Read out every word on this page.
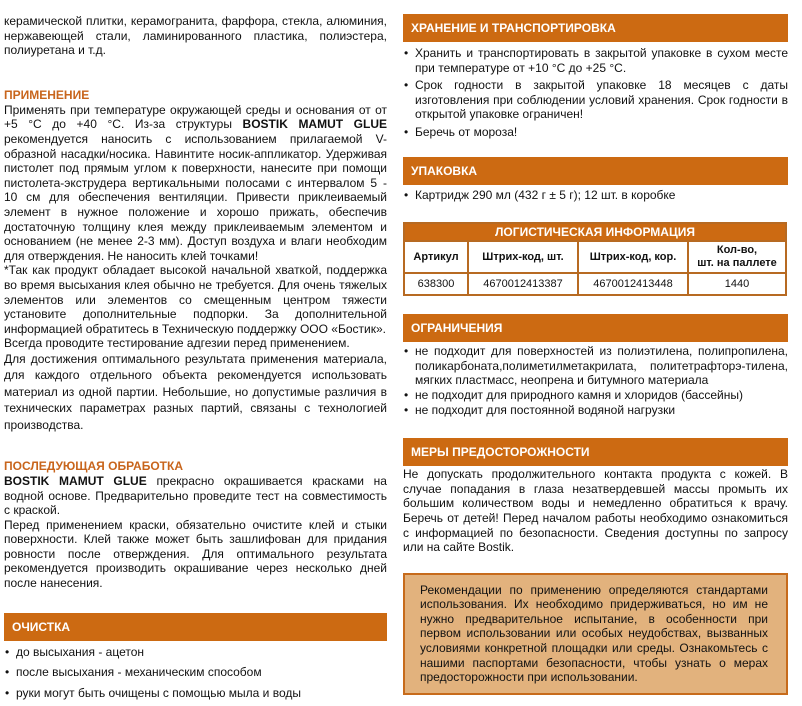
керамической плитки, керамогранита, фарфора, стекла, алюминия, нержавеющей стали, ламинированного пластика, полиэстера, полиуретана и т.д.

ПРИМЕНЕНИЕ

Применять при температуре окружающей среды и основания от от +5 °C до +40 °C. Из-за структуры BOSTIK MAMUT GLUE рекомендуется наносить с использованием прилагаемой V-образной насадки/носика. Навинтите носик-аппликатор. Удерживая пистолет под прямым углом к поверхности, нанесите при помощи пистолета-экструдера вертикальными полосами с интервалом 5 - 10 см для обеспечения вентиляции. Привести приклеиваемый элемент в нужное положение и хорошо прижать, обеспечив достаточную толщину клея между приклеиваемым элементом и основанием (не менее 2-3 мм). Доступ воздуха и влаги необходим для отверждения. Не наносить клей точками!

*Так как продукт обладает высокой начальной хваткой, поддержка во время высыхания клея обычно не требуется. Для очень тяжелых элементов или элементов со смещенным центром тяжести установите дополнительные подпорки. За дополнительной информацией обратитесь в Техническую поддержку ООО «Бостик».

Всегда проводите тестирование адгезии перед применением.

Для достижения оптимального результата применения материала, для каждого отдельного объекта рекомендуется использовать материал из одной партии. Небольшие, но допустимые различия в технических параметрах разных партий, связаны с технологией производства.

ПОСЛЕДУЮЩАЯ ОБРАБОТКА

BOSTIK MAMUT GLUE прекрасно окрашивается красками на водной основе. Предварительно проведите тест на совместимость с краской.

Перед применением краски, обязательно очистите клей и стыки поверхности. Клей также может быть зашлифован для придания ровности после отверждения. Для оптимального результата рекомендуется производить окрашивание через несколько дней после нанесения.

ОЧИСТКА
• до высыхания - ацетон
• после высыхания - механическим способом
• руки могут быть очищены с помощью мыла и воды
ХРАНЕНИЕ И ТРАНСПОРТИРОВКА
• Хранить и транспортировать в закрытой упаковке в сухом месте при температуре от +10 °C до +25 °C.
• Срок годности в закрытой упаковке 18 месяцев с даты изготовления при соблюдении условий хранения. Срок годности в открытой упаковке ограничен!
• Беречь от мороза!
УПАКОВКА
• Картридж 290 мл (432 г ± 5 г); 12 шт. в коробке
ЛОГИСТИЧЕСКАЯ ИНФОРМАЦИЯ			
Артикул	Штрих-код, шт.	Штрих-код, кор.	Кол-во,
шт. на паллете
638300	4670012413387	4670012413448	1440
ОГРАНИЧЕНИЯ
• не подходит для поверхностей из полиэтилена, полипропилена, поликарбоната,полиметилметакрилата, политетрафторэ-тилена, мягких пластмасс, неопрена и битумного материала
• не подходит для природного камня и хлоридов (бассейны)
• не подходит для постоянной водяной нагрузки
МЕРЫ ПРЕДОСТОРОЖНОСТИ

Не допускать продолжительного контакта продукта с кожей. В случае попадания в глаза незатвердевшей массы промыть их большим количеством воды и немедленно обратиться к врачу. Беречь от детей! Перед началом работы необходимо ознакомиться с информацией по безопасности. Сведения доступны по запросу или на сайте Bostik.

Рекомендации по применению определяются стандартами использования. Их необходимо придерживаться, но им не нужно предварительное испытание, в особенности при первом использовании или особых неудобствах, вызванных условиями конкретной площадки или среды. Ознакомьтесь с нашими паспортами безопасности, чтобы узнать о мерах предосторожности при использовании.
